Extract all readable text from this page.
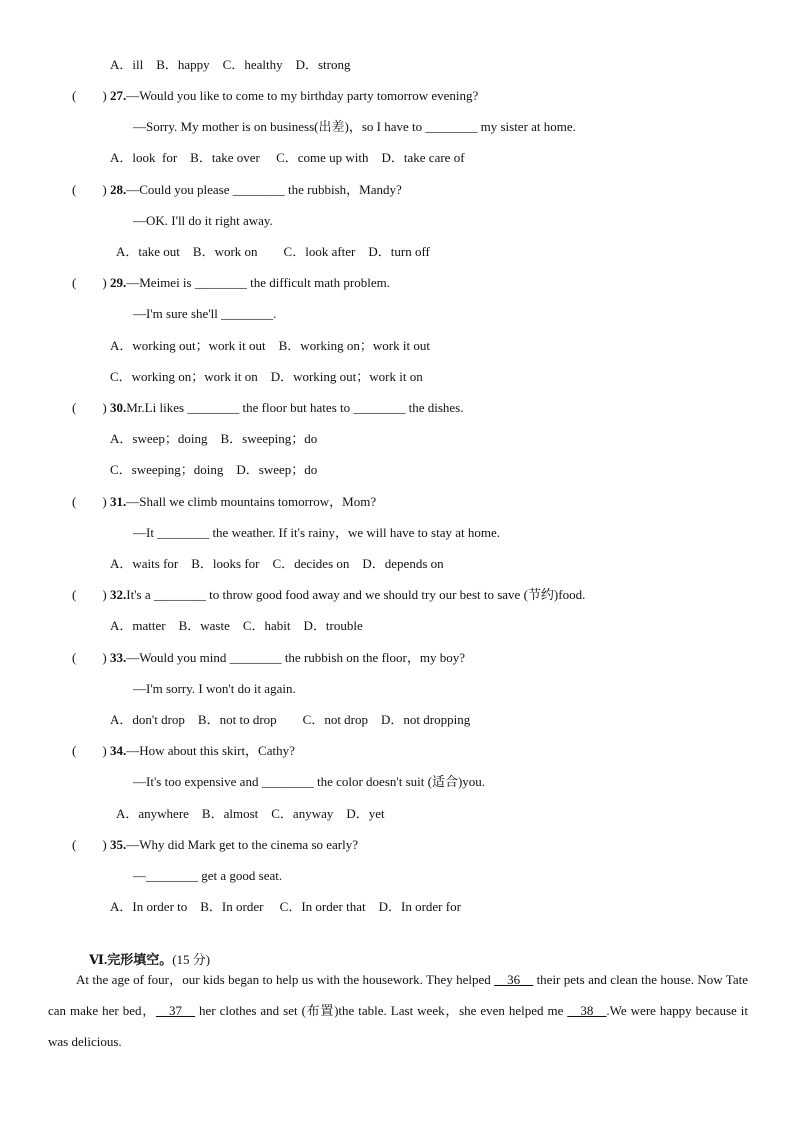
A．ill　B．happy　C．healthy　D．strong
(　　) 27.—Would you like to come to my birthday party tomorrow evening?
—Sorry. My mother is on business(出差)，so I have to ________ my sister at home.
A．look  for　B．take over　 C．come up with　D．take care of
(　　) 28.—Could you please ________ the rubbish，Mandy?
—OK. I'll do it right away.
A．take out　B．work on　　C．look after　D．turn off
(　　) 29.—Meimei is ________ the difficult math problem.
—I'm sure she'll ________.
A．working out；work it out　B．working on；work it out
C．working on；work it on　D．working out；work it on
(　　) 30.Mr.Li likes ________ the floor but hates to ________ the dishes.
A．sweep；doing　B．sweeping；do
C．sweeping；doing　D．sweep；do
(　　) 31.—Shall we climb mountains tomorrow，Mom?
—It ________ the weather. If it's rainy，we will have to stay at home.
A．waits for　B．looks for　C．decides on　D．depends on
(　　) 32.It's a ________ to throw good food away and we should try our best to save (节约)food.
A．matter　B．waste　C．habit　D．trouble
(　　) 33.—Would you mind ________ the rubbish on the floor，my boy?
—I'm sorry. I won't do it again.
A．don't drop　B．not to drop　　C．not drop　D．not dropping
(　　) 34.—How about this skirt，Cathy?
—It's too expensive and ________ the color doesn't suit (适合)you.
A．anywhere　B．almost　C．anyway　D．yet
(　　) 35.—Why did Mark get to the cinema so early?
—________ get a good seat.
A．In order to　B．In order　 C．In order that　D．In order for

Ⅵ.完形填空。(15 分)

At the age of four，our kids began to help us with the housework. They helped __36__ their pets and clean the house. Now Tate can make her bed，__37__ her clothes and set (布置)the table. Last week，she even helped me __38__.We were happy because it was delicious.
